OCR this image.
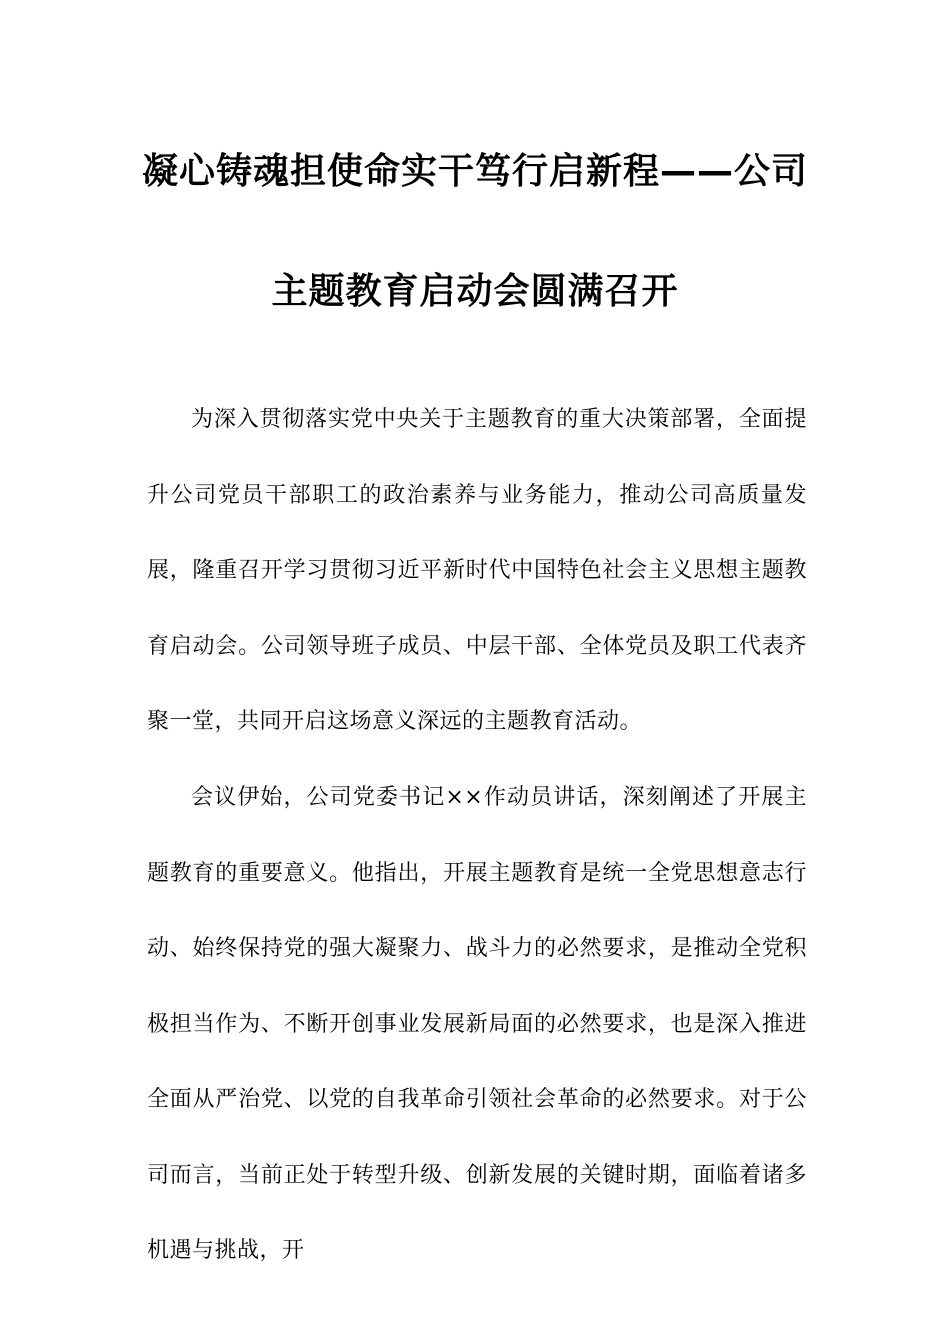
凝心铸魂担使命实干笃行启新程——公司
主题教育启动会圆满召开

为深入贯彻落实党中央关于主题教育的重大决策部署，全面提升公司党员干部职工的政治素养与业务能力，推动公司高质量发展，隆重召开学习贯彻习近平新时代中国特色社会主义思想主题教育启动会。公司领导班子成员、中层干部、全体党员及职工代表齐聚一堂，共同开启这场意义深远的主题教育活动。

会议伊始，公司党委书记××作动员讲话，深刻阐述了开展主题教育的重要意义。他指出，开展主题教育是统一全党思想意志行动、始终保持党的强大凝聚力、战斗力的必然要求，是推动全党积极担当作为、不断开创事业发展新局面的必然要求，也是深入推进全面从严治党、以党的自我革命引领社会革命的必然要求。对于公司而言，当前正处于转型升级、创新发展的关键时期，面临着诸多机遇与挑战，开
